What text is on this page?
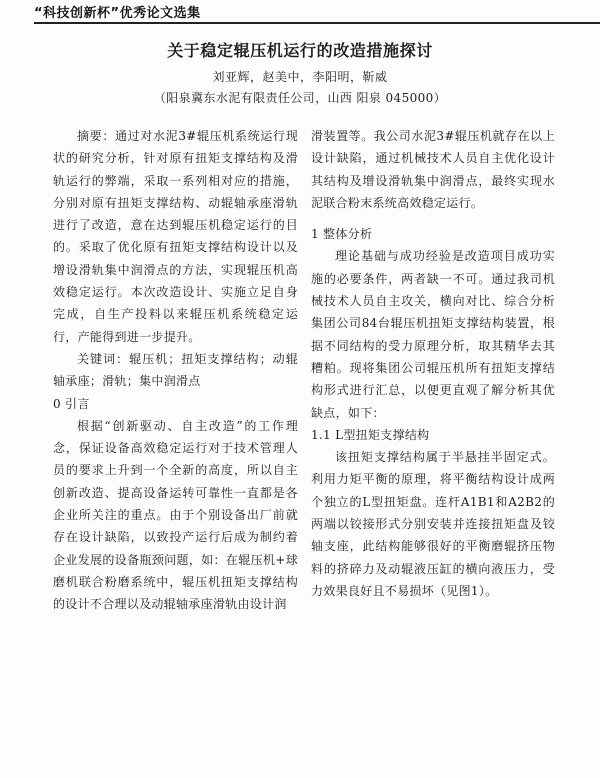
“科技创新杯”优秀论文选集
关于稳定辊压机运行的改造措施探讨
刘亚辉，赵美中，李阳明，靳威
（阳泉冀东水泥有限责任公司，山西 阳泉 045000）

摘要：通过对水泥3#辊压机系统运行现状的研究分析，针对原有扭矩支撑结构及滑轨运行的弊端，采取一系列相对应的措施，分别对原有扭矩支撑结构、动辊轴承座滑轨进行了改造，意在达到辊压机稳定运行的目的。采取了优化原有扭矩支撑结构设计以及增设滑轨集中润滑点的方法，实现辊压机高效稳定运行。本次改造设计、实施立足自身完成，自生产投料以来辊压机系统稳定运行，产能得到进一步提升。

关键词：辊压机；扭矩支撑结构；动辊轴承座；滑轨；集中润滑点

0 引言

根据“创新驱动、自主改造”的工作理念，保证设备高效稳定运行对于技术管理人员的要求上升到一个全新的高度，所以自主创新改造、提高设备运转可靠性一直都是各企业所关注的重点。由于个别设备出厂前就存在设计缺陷，以致投产运行后成为制约着企业发展的设备瓶颈问题，如：在辊压机+球磨机联合粉磨系统中，辊压机扭矩支撑结构的设计不合理以及动辊轴承座滑轨由设计润

滑装置等。我公司水泥3#辊压机就存在以上设计缺陷，通过机械技术人员自主优化设计其结构及增设滑轨集中润滑点，最终实现水泥联合粉末系统高效稳定运行。

1 整体分析

理论基础与成功经验是改造项目成功实施的必要条件，两者缺一不可。通过我司机械技术人员自主攻关，横向对比、综合分析集团公司84台辊压机扭矩支撑结构装置，根据不同结构的受力原理分析，取其精华去其糟粕。现将集团公司辊压机所有扭矩支撑结构形式进行汇总，以便更直观了解分析其优缺点，如下：

1.1 L型扭矩支撑结构

该扭矩支撑结构属于半悬挂半固定式。利用力矩平衡的原理，将平衡结构设计成两个独立的L型扭矩盘。连杆A1B1和A2B2的两端以铰接形式分别安装并连接扭矩盘及铰轴支座，此结构能够很好的平衡磨辊挤压物料的挤碎力及动辊液压缸的横向液压力，受力效果良好且不易损坏（见图1）。
